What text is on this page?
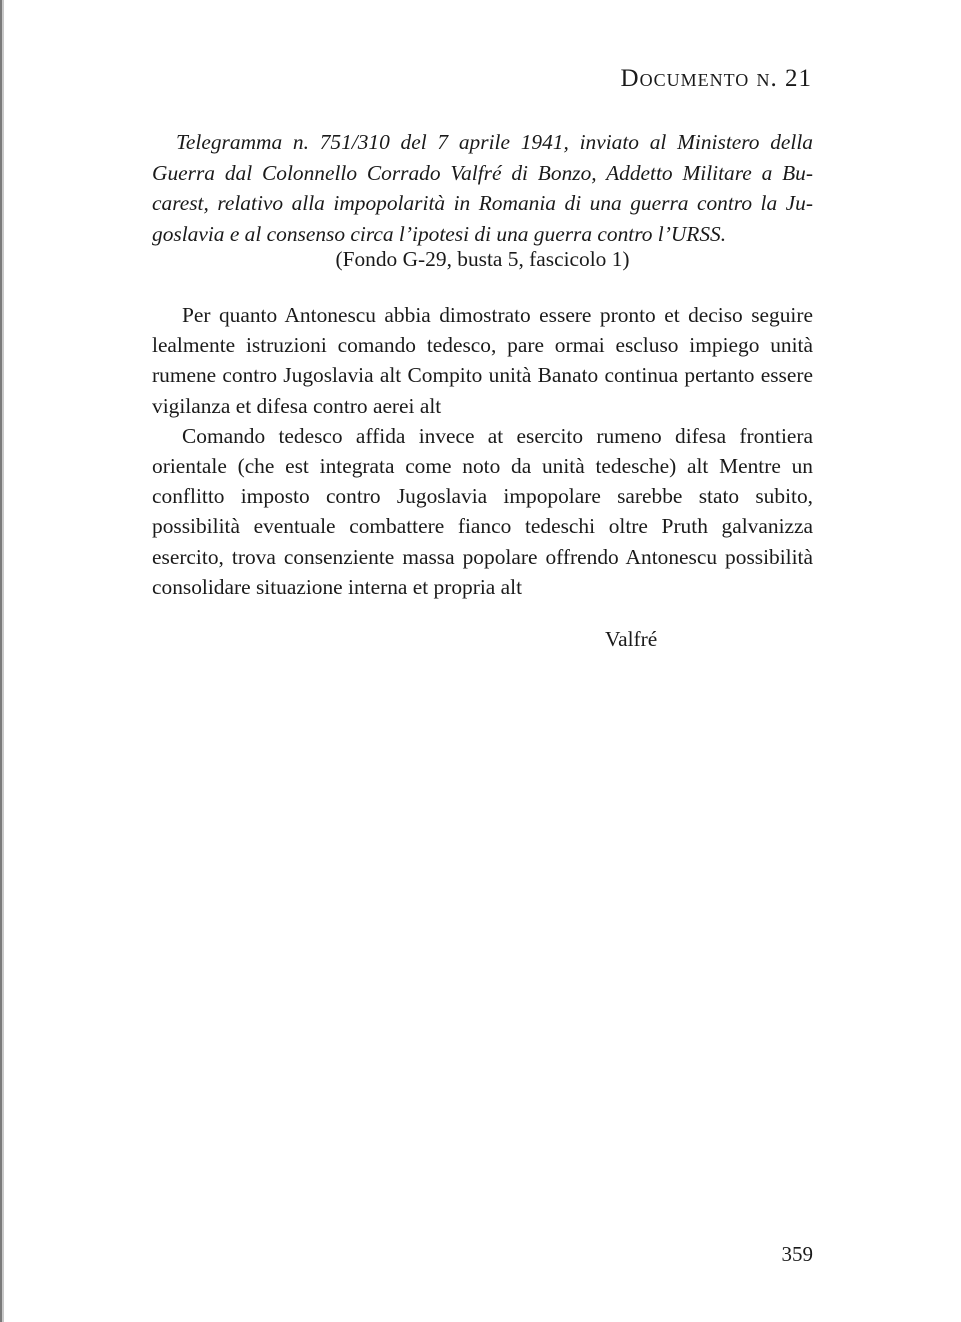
Documento n. 21

Telegramma n. 751/310 del 7 aprile 1941, inviato al Ministero della Guerra dal Colonnello Corrado Valfré di Bonzo, Addetto Militare a Bu-carest, relativo alla impopolarità in Romania di una guerra contro la Ju-goslavia e al consenso circa l’ipotesi di una guerra contro l’URSS.

(Fondo G-29, busta 5, fascicolo 1)

Per quanto Antonescu abbia dimostrato essere pronto et deciso seguire lealmente istruzioni comando tedesco, pare ormai escluso impiego unità rumene contro Jugoslavia alt Compito unità Banato continua pertanto essere vigilanza et difesa contro aerei alt

Comando tedesco affida invece at esercito rumeno difesa frontiera orientale (che est integrata come noto da unità tedesche) alt Mentre un conflitto imposto contro Jugoslavia impopolare sarebbe stato subito, possibilità eventuale combattere fianco tedeschi oltre Pruth galvanizza esercito, trova consenziente massa popolare offrendo Antonescu possibilità consolidare situazione interna et propria alt

Valfré
359
